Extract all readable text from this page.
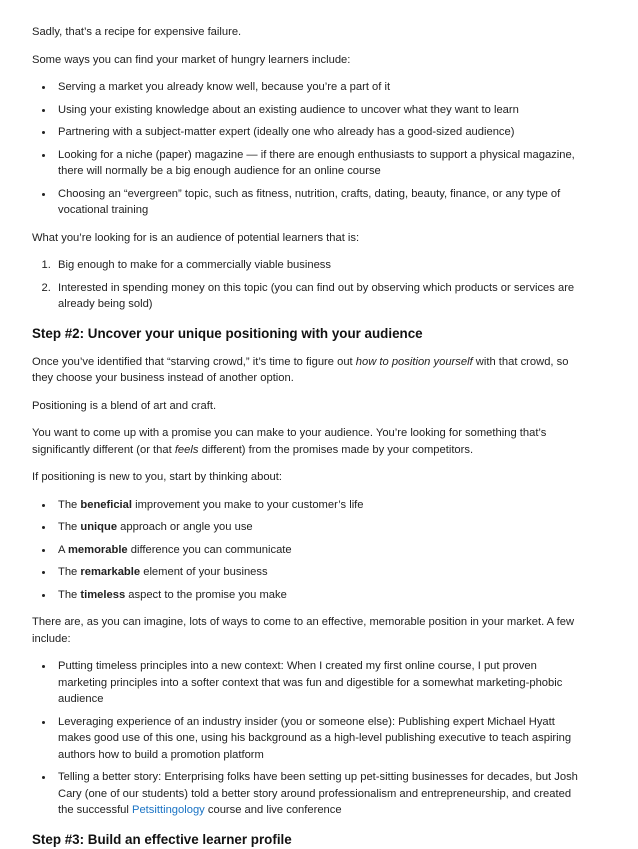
Sadly, that’s a recipe for expensive failure.

Some ways you can find your market of hungry learners include:

• Serving a market you already know well, because you’re a part of it
• Using your existing knowledge about an existing audience to uncover what they want to learn
• Partnering with a subject-matter expert (ideally one who already has a good-sized audience)
• Looking for a niche (paper) magazine — if there are enough enthusiasts to support a physical magazine, there will normally be a big enough audience for an online course
• Choosing an “evergreen” topic, such as fitness, nutrition, crafts, dating, beauty, finance, or any type of vocational training

What you’re looking for is an audience of potential learners that is:

1. Big enough to make for a commercially viable business
2. Interested in spending money on this topic (you can find out by observing which products or services are already being sold)
Step #2: Uncover your unique positioning with your audience

Once you’ve identified that “starving crowd,” it’s time to figure out how to position yourself with that crowd, so they choose your business instead of another option.

Positioning is a blend of art and craft.

You want to come up with a promise you can make to your audience. You’re looking for something that’s significantly different (or that feels different) from the promises made by your competitors.

If positioning is new to you, start by thinking about:

• The beneficial improvement you make to your customer’s life
• The unique approach or angle you use
• A memorable difference you can communicate
• The remarkable element of your business
• The timeless aspect to the promise you make

There are, as you can imagine, lots of ways to come to an effective, memorable position in your market. A few include:

• Putting timeless principles into a new context: When I created my first online course, I put proven marketing principles into a softer context that was fun and digestible for a somewhat marketing-phobic audience
• Leveraging experience of an industry insider (you or someone else): Publishing expert Michael Hyatt makes good use of this one, using his background as a high-level publishing executive to teach aspiring authors how to build a promotion platform
• Telling a better story: Enterprising folks have been setting up pet-sitting businesses for decades, but Josh Cary (one of our students) told a better story around professionalism and entrepreneurship, and created the successful Petsittingology course and live conference
Step #3: Build an effective learner profile
